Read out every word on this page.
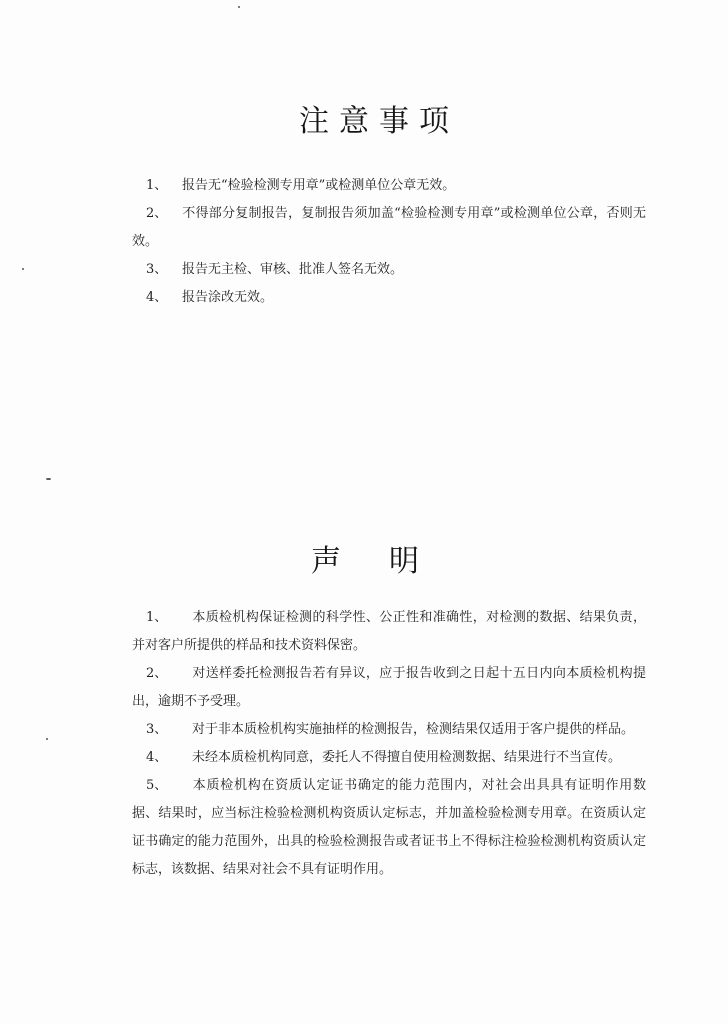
注意事项

1、 报告无“检验检测专用章”或检测单位公章无效。

2、 不得部分复制报告，复制报告须加盖“检验检测专用章”或检测单位公章，否则无效。

3、 报告无主检、审核、批准人签名无效。

4、 报告涂改无效。

声明

1、 本质检机构保证检测的科学性、公正性和准确性，对检测的数据、结果负责，并对客户所提供的样品和技术资料保密。

2、 对送样委托检测报告若有异议，应于报告收到之日起十五日内向本质检机构提出，逾期不予受理。

3、 对于非本质检机构实施抽样的检测报告，检测结果仅适用于客户提供的样品。

4、 未经本质检机构同意，委托人不得擅自使用检测数据、结果进行不当宣传。

5、 本质检机构在资质认定证书确定的能力范围内，对社会出具具有证明作用数据、结果时，应当标注检验检测机构资质认定标志，并加盖检验检测专用章。在资质认定证书确定的能力范围外，出具的检验检测报告或者证书上不得标注检验检测机构资质认定标志，该数据、结果对社会不具有证明作用。
